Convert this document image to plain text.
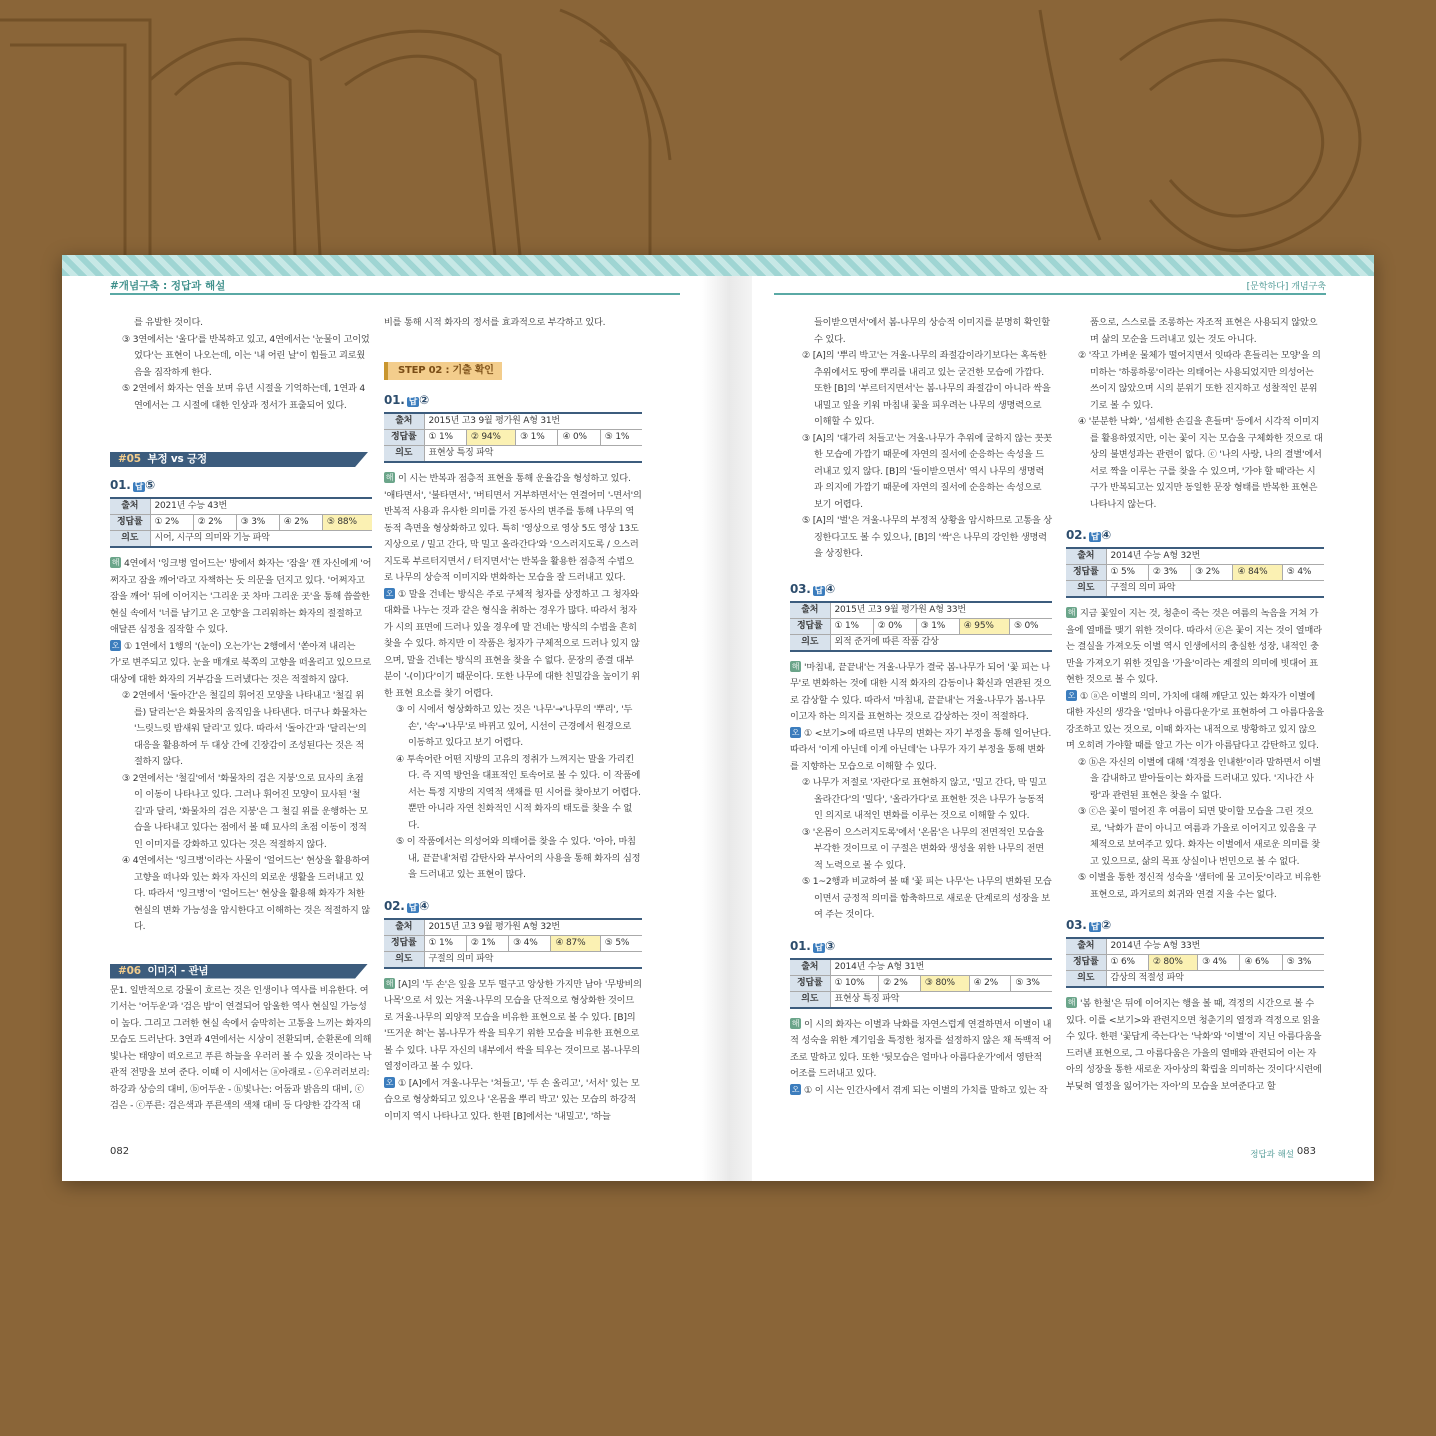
#개념구축 : 정답과 해설	[문학하다] 개념구축
를 유발한 것이다.
③ 3연에서는 '울다'를 반복하고 있고, 4연에서는 '눈물이 고이었었다'는 표현이 나오는데, 이는 '내 어린 날'이 힘들고 괴로웠음을 짐작하게 한다.
⑤ 2연에서 화자는 연을 보며 유년 시절을 기억하는데, 1연과 4연에서는 그 시절에 대한 인상과 정서가 표출되어 있다.
#05 부정 vs 긍정
01. 답 ⑤
출처	2021년 수능 43번				
정답률	① 2%	② 2%	③ 3%	④ 2%	⑤ 88%
의도	시어, 시구의 의미와 기능 파악				
해 4연에서 '잉크병 얼어드는' 방에서 화자는 '잠을' 깬 자신에게 '어쩌자고 잠을 깨어'라고 자책하는 듯 의문을 던지고 있다. '어쩌자고 잠을 깨어' 뒤에 이어지는 '그리운 곳 차마 그리운 곳'을 통해 씁쓸한 현실 속에서 '너를 남기고 온 고향'을 그리워하는 화자의 절절하고 애달픈 심정을 짐작할 수 있다.
오 ① 1연에서 1행의 '(눈이) 오는가'는 2행에서 '쏟아져 내리는가'로 변주되고 있다. 눈을 매개로 북쪽의 고향을 떠올리고 있으므로 대상에 대한 화자의 거부감을 드러냈다는 것은 적절하지 않다.
② 2연에서 '돌아간'은 철길의 휘어진 모양을 나타내고 '철길 위를) 달리는'은 화물차의 움직임을 나타낸다. 더구나 화물차는 '느릿느릿 밤새워 달리'고 있다. 따라서 '돌아간'과 '달리는'의 대응을 활용하여 두 대상 간에 긴장감이 조성된다는 것은 적절하지 않다.
③ 2연에서는 '철길'에서 '화물차의 검은 지붕'으로 묘사의 초점이 이동이 나타나고 있다. 그러나 휘어진 모양이 묘사된 '철길'과 달리, '화물차의 검은 지붕'은 그 철길 위를 운행하는 모습을 나타내고 있다는 점에서 볼 때 묘사의 초점 이동이 정적인 이미지를 강화하고 있다는 것은 적절하지 않다.
④ 4연에서는 '잉크병'이라는 사물이 '얼어드는' 현상을 활용하여 고향을 떠나와 있는 화자 자신의 외로운 생활을 드러내고 있다. 따라서 '잉크병'이 '얼어드는' 현상을 활용해 화자가 처한 현실의 변화 가능성을 암시한다고 이해하는 것은 적절하지 않다.
#06 이미지 - 관념
문1. 일반적으로 강물이 흐르는 것은 인생이나 역사를 비유한다. 여기서는 '어두운'과 '검은 밤'이 연결되어 암울한 역사 현실일 가능성이 높다. 그리고 그러한 현실 속에서 숨막히는 고통을 느끼는 화자의 모습도 드러난다. 3연과 4연에서는 시상이 전환되며, 순환론에 의해 빛나는 태양이 떠오르고 푸른 하늘을 우러러 볼 수 있을 것이라는 낙관적 전망을 보여 준다. 이때 이 시에서는 ⓐ아래로 - ⓒ우러러보리: 하강과 상승의 대비, ⓑ어두운 - ⓗ빛나는: 어둠과 밝음의 대비, ⓒ검은 - ⓒ푸른: 검은색과 푸른색의 색채 대비 등 다양한 감각적 대
비를 통해 시적 화자의 정서를 효과적으로 부각하고 있다.
STEP 02 : 기출 확인
01. 답 ②
출처	2015년 고3 9월 평가원 A형 31번				
정답률	① 1%	② 94%	③ 1%	④ 0%	⑤ 1%
의도	표현상 특징 파악				
해 이 시는 반복과 점층적 표현을 통해 운율감을 형성하고 있다. '애타면서', '불타면서', '버티면서 거부하면서'는 연결어미 '-면서'의 반복적 사용과 유사한 의미를 가진 동사의 변주를 통해 나무의 역동적 측면을 형상화하고 있다. 특히 '영상으로 영상 5도 영상 13도 지상으로 / 밀고 간다, 막 밀고 올라간다'와 '으스러지도록 / 으스러지도록 부르터지면서 / 터지면서'는 반복을 활용한 점층적 수법으로 나무의 상승적 이미지와 변화하는 모습을 잘 드러내고 있다.
오 ① 말을 건네는 방식은 주로 구체적 청자를 상정하고 그 청자와 대화를 나누는 것과 같은 형식을 취하는 경우가 많다. 따라서 청자가 시의 표면에 드러나 있을 경우에 말 건네는 방식의 수법을 흔히 찾을 수 있다. 하지만 이 작품은 청자가 구체적으로 드러나 있지 않으며, 말을 건네는 방식의 표현을 찾을 수 없다. 문장의 종결 대부분이 '-(이)다'이기 때문이다. 또한 나무에 대한 친밀감을 높이기 위한 표현 요소를 찾기 어렵다.
③ 이 시에서 형상화하고 있는 것은 '나무'→'나무의 '뿌리', '두 손', '속'→'나무'로 바뀌고 있어, 시선이 근경에서 원경으로 이동하고 있다고 보기 어렵다.
④ 투속어란 어떤 지방의 고유의 정취가 느껴지는 말을 가리킨다. 즉 지역 방언을 대표적인 토속어로 볼 수 있다. 이 작품에서는 특정 지방의 지역적 색채를 띤 시어를 찾아보기 어렵다. 뿐만 아니라 자연 친화적인 시적 화자의 태도를 찾을 수 없다.
⑤ 이 작품에서는 의성어와 의태어를 찾을 수 있다. '아아, 마침내, 끝끝내'처럼 감탄사와 부사어의 사용을 통해 화자의 심정을 드러내고 있는 표현이 많다.
02. 답 ④
출처	2015년 고3 9월 평가원 A형 32번				
정답률	① 1%	② 1%	③ 4%	④ 87%	⑤ 5%
의도	구절의 의미 파악				
해 [A]의 '두 손'은 잎을 모두 떨구고 앙상한 가지만 남아 '무방비의 나목'으로 서 있는 겨울-나무의 모습을 단적으로 형상화한 것이므로 겨울-나무의 외양적 모습을 비유한 표현으로 볼 수 있다. [B]의 '뜨거운 혀'는 봄-나무가 싹을 틔우기 위한 모습을 비유한 표현으로 볼 수 있다. 나무 자신의 내부에서 싹을 틔우는 것이므로 봄-나무의 열정이라고 볼 수 있다.
오 ① [A]에서 겨울-나무는 '쳐들고', '두 손 올리고', '서서' 있는 모습으로 형상화되고 있으나 '온몸을 뿌리 박고' 있는 모습의 하강적 이미지 역시 나타나고 있다. 한편 [B]에서는 '내밀고', '하늘
들이받으면서'에서 봄-나무의 상승적 이미지를 분명히 확인할 수 있다.
② [A]의 '뿌리 박고'는 겨울-나무의 좌절감이라기보다는 혹독한 추위에서도 땅에 뿌리를 내리고 있는 굳건한 모습에 가깝다. 또한 [B]의 '부르터지면서'는 봄-나무의 좌절감이 아니라 싹을 내밀고 잎을 키워 마침내 꽃을 피우려는 나무의 생명력으로 이해할 수 있다.
③ [A]의 '대가리 처들고'는 겨울-나무가 추위에 굴하지 않는 꼿꼿한 모습에 가깝기 때문에 자연의 질서에 순응하는 속성을 드러내고 있지 않다. [B]의 '들이받으면서' 역시 나무의 생명력과 의지에 가깝기 때문에 자연의 질서에 순응하는 속성으로 보기 어렵다.
⑤ [A]의 '벌'은 겨울-나무의 부정적 상황을 암시하므로 고통을 상징한다고도 볼 수 있으나, [B]의 '싹'은 나무의 강인한 생명력을 상징한다.
03. 답 ④
출처	2015년 고3 9월 평가원 A형 33번				
정답률	① 1%	② 0%	③ 1%	④ 95%	⑤ 0%
의도	외적 준거에 따른 작품 감상				
해 '마침내, 끝끝내'는 겨울-나무가 결국 봄-나무가 되어 '꽃 피는 나무'로 변화하는 것에 대한 시적 화자의 감동이나 확신과 연관된 것으로 감상할 수 있다. 따라서 '마침내, 끝끝내'는 겨울-나무가 봄-나무이고자 하는 의지를 표현하는 것으로 감상하는 것이 적절하다.
오 ① <보기>에 따르면 나무의 변화는 자기 부정을 통해 일어난다. 따라서 '이게 아닌데 이게 아닌데'는 나무가 자기 부정을 통해 변화를 지향하는 모습으로 이해할 수 있다.
② 나무가 저절로 '자란다'로 표현하지 않고, '밀고 간다, 막 밀고 올라간다'의 '밀다', '올라가다'로 표현한 것은 나무가 능동적인 의지로 내적인 변화를 이루는 것으로 이해할 수 있다.
③ '온몸이 으스러지도록'에서 '온몸'은 나무의 전면적인 모습을 부각한 것이므로 이 구절은 변화와 생성을 위한 나무의 전면적 노력으로 볼 수 있다.
⑤ 1~2행과 비교하여 볼 때 '꽃 피는 나무'는 나무의 변화된 모습이면서 긍정적 의미를 함축하므로 새로운 단계로의 성장을 보여 주는 것이다.
01. 답 ③
출처	2014년 수능 A형 31번				
정답률	① 10%	② 2%	③ 80%	④ 2%	⑤ 3%
의도	표현상 특징 파악				
해 이 시의 화자는 이별과 낙화를 자연스럽게 연결하면서 이별이 내적 성숙을 위한 계기임을 특정한 청자를 설정하지 않은 채 독백적 어조로 말하고 있다. 또한 '뒷모습은 얼마나 아름다운가'에서 영탄적 어조를 드러내고 있다.
오 ① 이 시는 인간사에서 겪게 되는 이별의 가치를 말하고 있는 작
품으로, 스스로를 조롱하는 자조적 표현은 사용되지 않았으며 삶의 모순을 드러내고 있는 것도 아니다.
② '작고 가벼운 물체가 떨어지면서 잇따라 흔들리는 모양'을 의미하는 '하롱하롱'이라는 의태어는 사용되었지만 의성어는 쓰이지 않았으며 시의 분위기 또한 진지하고 성찰적인 분위기로 볼 수 있다.
④ '분분한 낙화', '섬세한 손길을 흔들며' 등에서 시각적 이미지를 활용하였지만, 이는 꽃이 지는 모습을 구체화한 것으로 대상의 불변성과는 관련이 없다. ⓒ '나의 사랑, 나의 결별'에서 서로 짝을 이루는 구를 찾을 수 있으며, '가야 할 때'라는 시구가 반복되고는 있지만 동일한 문장 형태를 반복한 표현은 나타나지 않는다.
02. 답 ④
출처	2014년 수능 A형 32번				
정답률	① 5%	② 3%	③ 2%	④ 84%	⑤ 4%
의도	구절의 의미 파악				
해 지금 꽃잎이 지는 것, 청춘이 죽는 것은 여름의 녹음을 거쳐 가을에 열매를 맺기 위한 것이다. 따라서 ⓔ은 꽃이 지는 것이 열매라는 결실을 가져오듯 이별 역시 인생에서의 충실한 성장, 내적인 충만을 가져오기 위한 것임을 '가을'이라는 계절의 의미에 빗대어 표현한 것으로 볼 수 있다.
오 ① ⓐ은 이별의 의미, 가치에 대해 깨닫고 있는 화자가 이별에 대한 자신의 생각을 '얼마나 아름다운가'로 표현하여 그 아름다움을 강조하고 있는 것으로, 이때 화자는 내적으로 방황하고 있지 않으며 오히려 가야할 때를 알고 가는 이가 아름답다고 감탄하고 있다.
② ⓑ은 자신의 이별에 대해 '격정을 인내한'이라 말하면서 이별을 감내하고 받아들이는 화자를 드러내고 있다. '지나간 사랑'과 관련된 표현은 찾을 수 없다.
③ ⓒ은 꽃이 떨어진 후 여름이 되면 맞이할 모습을 그린 것으로, '낙화가 끝이 아니고 여름과 가을로 이어지고 있음을 구체적으로 보여주고 있다. 화자는 이별에서 새로운 의미를 찾고 있으므로, 삶의 목표 상실이나 번민으로 볼 수 없다.
⑤ 이별을 통한 정신적 성숙을 '샘터에 물 고이듯'이라고 비유한 표현으로, 과거로의 회귀와 연결 지을 수는 없다.
03. 답 ②
출처	2014년 수능 A형 33번				
정답률	① 6%	② 80%	③ 4%	④ 6%	⑤ 3%
의도	감상의 적절성 파악				
해 '봄 한철'은 뒤에 이어지는 행을 볼 때, 격정의 시간으로 볼 수 있다. 이를 <보기>와 관련지으면 청춘기의 열정과 격정으로 읽을 수 있다. 한편 '꽃답게 죽는다'는 '낙화'와 '이별'이 지닌 아름다움을 드러낸 표현으로, 그 아름다움은 가을의 열매와 관련되어 이는 자아의 성장을 통한 새로운 자아상의 확립을 의미하는 것이다'시련에 부딪혀 열정을 잃어가는 자아'의 모습을 보여준다고 할
082	정답과 해설 083
